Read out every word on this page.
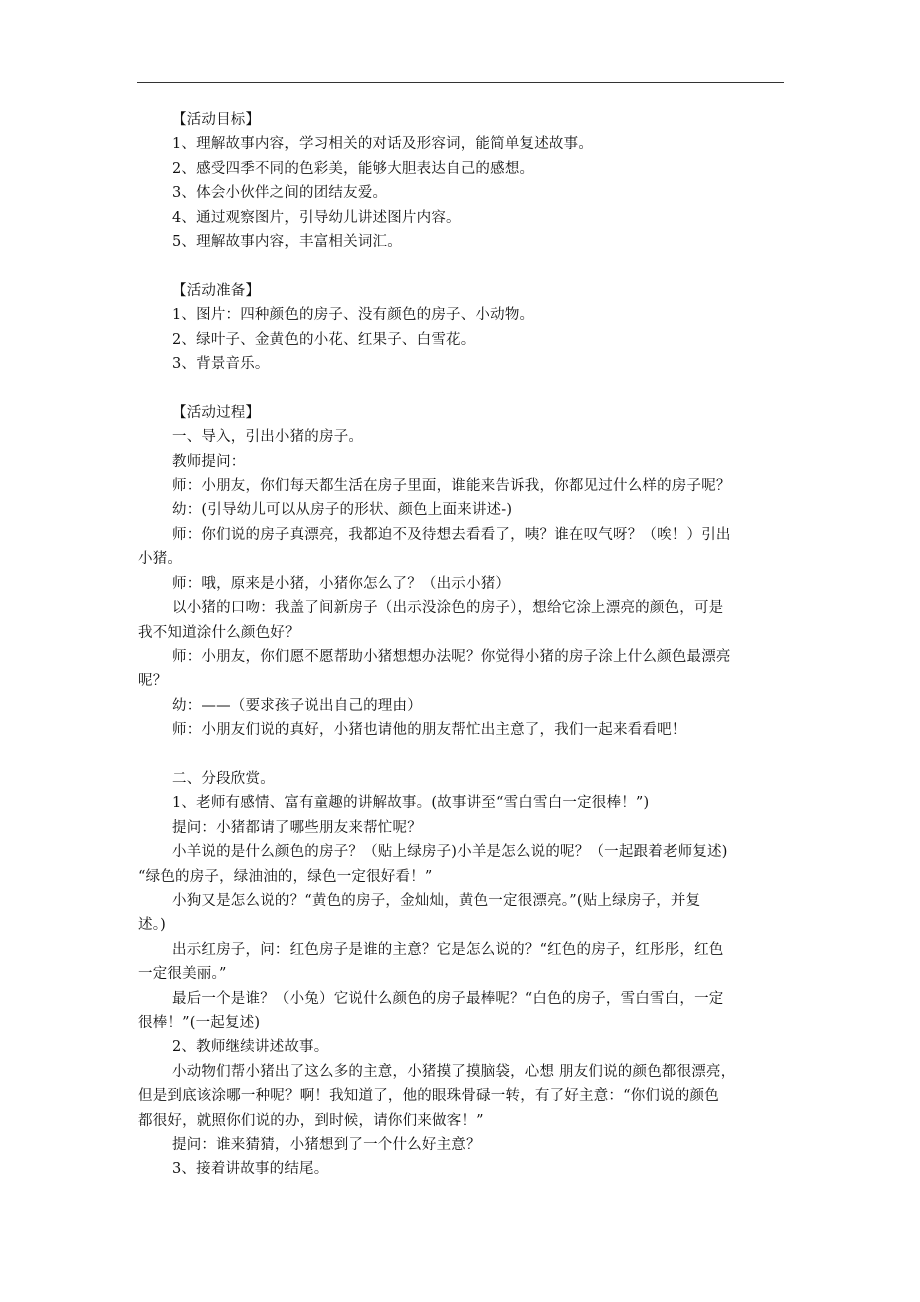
【活动目标】
1、理解故事内容，学习相关的对话及形容词，能简单复述故事。
2、感受四季不同的色彩美，能够大胆表达自己的感想。
3、体会小伙伴之间的团结友爱。
4、通过观察图片，引导幼儿讲述图片内容。
5、理解故事内容，丰富相关词汇。
【活动准备】
1、图片：四种颜色的房子、没有颜色的房子、小动物。
2、绿叶子、金黄色的小花、红果子、白雪花。
3、背景音乐。
【活动过程】
一、导入，引出小猪的房子。
教师提问：
师：小朋友，你们每天都生活在房子里面，谁能来告诉我，你都见过什么样的房子呢？
幼：(引导幼儿可以从房子的形状、颜色上面来讲述-)
师：你们说的房子真漂亮，我都迫不及待想去看看了，咦？谁在叹气呀？（唉！）引出
小猪。
师：哦，原来是小猪，小猪你怎么了？（出示小猪）
以小猪的口吻：我盖了间新房子（出示没涂色的房子），想给它涂上漂亮的颜色，可是
我不知道涂什么颜色好？
师：小朋友，你们愿不愿帮助小猪想想办法呢？你觉得小猪的房子涂上什么颜色最漂亮
呢？
幼：——（要求孩子说出自己的理由）
师：小朋友们说的真好，小猪也请他的朋友帮忙出主意了，我们一起来看看吧！
二、分段欣赏。
1、老师有感情、富有童趣的讲解故事。(故事讲至“雪白雪白一定很棒！”)
提问：小猪都请了哪些朋友来帮忙呢？
小羊说的是什么颜色的房子？（贴上绿房子)小羊是怎么说的呢？（一起跟着老师复述)
“绿色的房子，绿油油的，绿色一定很好看！”
小狗又是怎么说的？“黄色的房子，金灿灿，黄色一定很漂亮。”(贴上绿房子，并复
述。)
出示红房子，问：红色房子是谁的主意？它是怎么说的？“红色的房子，红彤彤，红色
一定很美丽。”
最后一个是谁？（小兔）它说什么颜色的房子最棒呢？“白色的房子，雪白雪白，一定
很棒！”(一起复述)
2、教师继续讲述故事。
小动物们帮小猪出了这么多的主意，小猪摸了摸脑袋，心想 朋友们说的颜色都很漂亮，
但是到底该涂哪一种呢？啊！我知道了，他的眼珠骨碌一转，有了好主意：“你们说的颜色
都很好，就照你们说的办，到时候，请你们来做客！”
提问：谁来猜猜，小猪想到了一个什么好主意？
3、接着讲故事的结尾。
